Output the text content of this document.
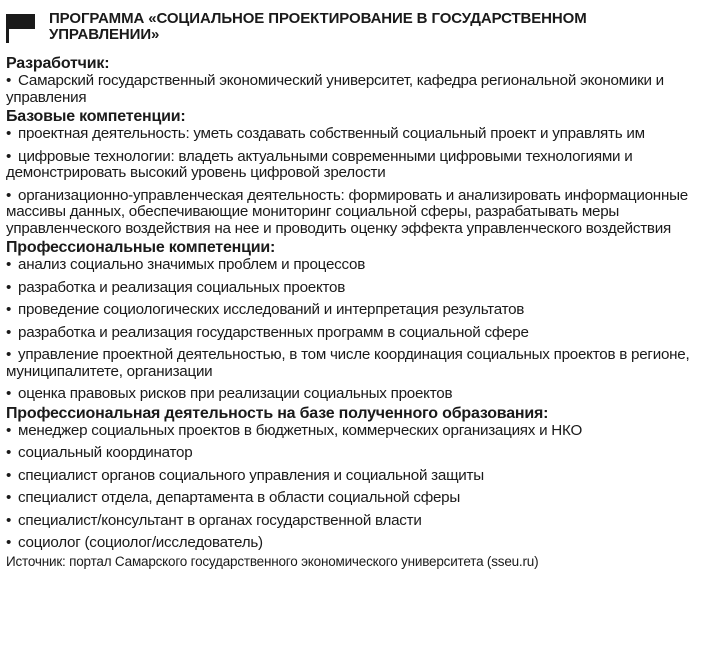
ПРОГРАММА «СОЦИАЛЬНОЕ ПРОЕКТИРОВАНИЕ В ГОСУДАРСТВЕННОМ
УПРАВЛЕНИИ»
Разработчик:
• Самарский государственный экономический университет, кафедра региональной экономики и управления
Базовые компетенции:
• проектная деятельность: уметь создавать собственный социальный проект и управлять им
• цифровые технологии: владеть актуальными современными цифровыми технологиями и демонстрировать высокий уровень цифровой зрелости
• организационно-управленческая деятельность: формировать и анализировать информационные массивы данных, обеспечивающие мониторинг социальной сферы, разрабатывать меры управленческого воздействия на нее и проводить оценку эффекта управленческого воздействия
Профессиональные компетенции:
• анализ социально значимых проблем и процессов
• разработка и реализация социальных проектов
• проведение социологических исследований и интерпретация результатов
• разработка и реализация государственных программ в социальной сфере
• управление проектной деятельностью, в том числе координация социальных проектов в регионе, муниципалитете, организации
• оценка правовых рисков при реализации социальных проектов
Профессиональная деятельность на базе полученного образования:
• менеджер социальных проектов в бюджетных, коммерческих организациях и НКО
• социальный координатор
• специалист органов социального управления и социальной защиты
• специалист отдела, департамента в области социальной сферы
• специалист/консультант в органах государственной власти
• социолог (социолог/исследователь)
Источник: портал Самарского государственного экономического университета (sseu.ru)
